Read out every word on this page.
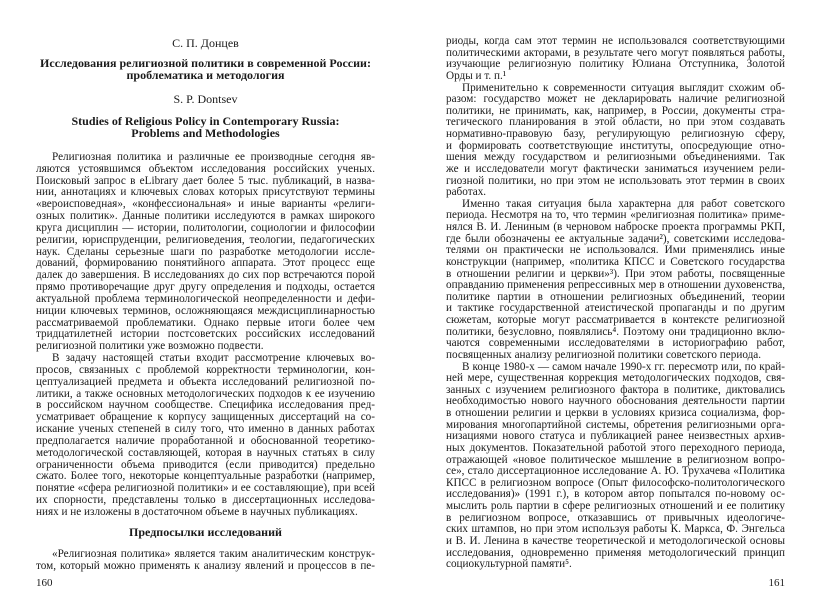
С. П. Донцев
Исследования религиозной политики в современной России:
проблематика и методология
S. P. Dontsev
Studies of Religious Policy in Contemporary Russia:
Problems and Methodologies
Религиозная политика и различные ее производные сегодня яв-
ляются устоявшимся объектом исследования российских ученых.
Поисковый запрос в eLibrary дает более 5 тыс. публикаций, в назва-
нии, аннотациях и ключевых словах которых присутствуют термины
«вероисповедная», «конфессиональная» и иные варианты «религи-
озных политик». Данные политики исследуются в рамках широкого
круга дисциплин — истории, политологии, социологии и философии
религии, юриспруденции, религиоведения, теологии, педагогических
наук. Сделаны серьезные шаги по разработке методологии иссле-
дований, формированию понятийного аппарата. Этот процесс еще
далек до завершения. В исследованиях до сих пор встречаются порой
прямо противоречащие друг другу определения и подходы, остается
актуальной проблема терминологической неопределенности и дефи-
ниции ключевых терминов, осложняющаяся междисциплинарностью
рассматриваемой проблематики. Однако первые итоги более чем
тридцатилетней истории постсоветских российских исследований
религиозной политики уже возможно подвести.
В задачу настоящей статьи входит рассмотрение ключевых во-
просов, связанных с проблемой корректности терминологии, кон-
цептуализацией предмета и объекта исследований религиозной по-
литики, а также основных методологических подходов к ее изучению
в российском научном сообществе. Специфика исследования пред-
усматривает обращение к корпусу защищенных диссертаций на со-
искание ученых степеней в силу того, что именно в данных работах
предполагается наличие проработанной и обоснованной теоретико-
методологической составляющей, которая в научных статьях в силу
ограниченности объема приводится (если приводится) предельно
сжато. Более того, некоторые концептуальные разработки (например,
понятие «сфера религиозной политики» и ее составляющие), при всей
их спорности, представлены только в диссертационных исследова-
ниях и не изложены в достаточном объеме в научных публикациях.
Предпосылки исследований
«Религиозная политика» является таким аналитическим конструк-
том, который можно применять к анализу явлений и процессов в пе-
160
риоды, когда сам этот термин не использовался соответствующими
политическими акторами, в результате чего могут появляться работы,
изучающие религиозную политику Юлиана Отступника, Золотой
Орды и т. п.¹
Применительно к современности ситуация выглядит схожим об-
разом: государство может не декларировать наличие религиозной
политики, не принимать, как, например, в России, документы стра-
тегического планирования в этой области, но при этом создавать
нормативно-правовую базу, регулирующую религиозную сферу,
и формировать соответствующие институты, опосредующие отно-
шения между государством и религиозными объединениями. Так
же и исследователи могут фактически заниматься изучением рели-
гиозной политики, но при этом не использовать этот термин в своих
работах.
Именно такая ситуация была характерна для работ советского
периода. Несмотря на то, что термин «религиозная политика» приме-
нялся В. И. Лениным (в черновом наброске проекта программы РКП,
где были обозначены ее актуальные задачи²), советскими исследова-
телями он практически не использовался. Ими применялись иные
конструкции (например, «политика КПСС и Советского государства
в отношении религии и церкви»³). При этом работы, посвященные
оправданию применения репрессивных мер в отношении духовенства,
политике партии в отношении религиозных объединений, теории
и тактике государственной атеистической пропаганды и по другим
сюжетам, которые могут рассматривается в контексте религиозной
политики, безусловно, появлялись⁴. Поэтому они традиционно вклю-
чаются современными исследователями в историографию работ,
посвященных анализу религиозной политики советского периода.
В конце 1980-х — самом начале 1990-х гг. пересмотр или, по край-
ней мере, существенная коррекция методологических подходов, свя-
занных с изучением религиозного фактора в политике, диктовались
необходимостью нового научного обоснования деятельности партии
в отношении религии и церкви в условиях кризиса социализма, фор-
мирования многопартийной системы, обретения религиозными орга-
низациями нового статуса и публикацией ранее неизвестных архив-
ных документов. Показательной работой этого переходного периода,
отражающей «новое политическое мышление в религиозном вопро-
се», стало диссертационное исследование А. Ю. Трухачева «Политика
КПСС в религиозном вопросе (Опыт философско-политологического
исследования)» (1991 г.), в котором автор попытался по-новому ос-
мыслить роль партии в сфере религиозных отношений и ее политику
в религиозном вопросе, отказавшись от привычных идеологиче-
ских штампов, но при этом используя работы К. Маркса, Ф. Энгельса
и В. И. Ленина в качестве теоретической и методологической основы
исследования, одновременно применяя методологический принцип
социокультурной памяти⁵.
161
